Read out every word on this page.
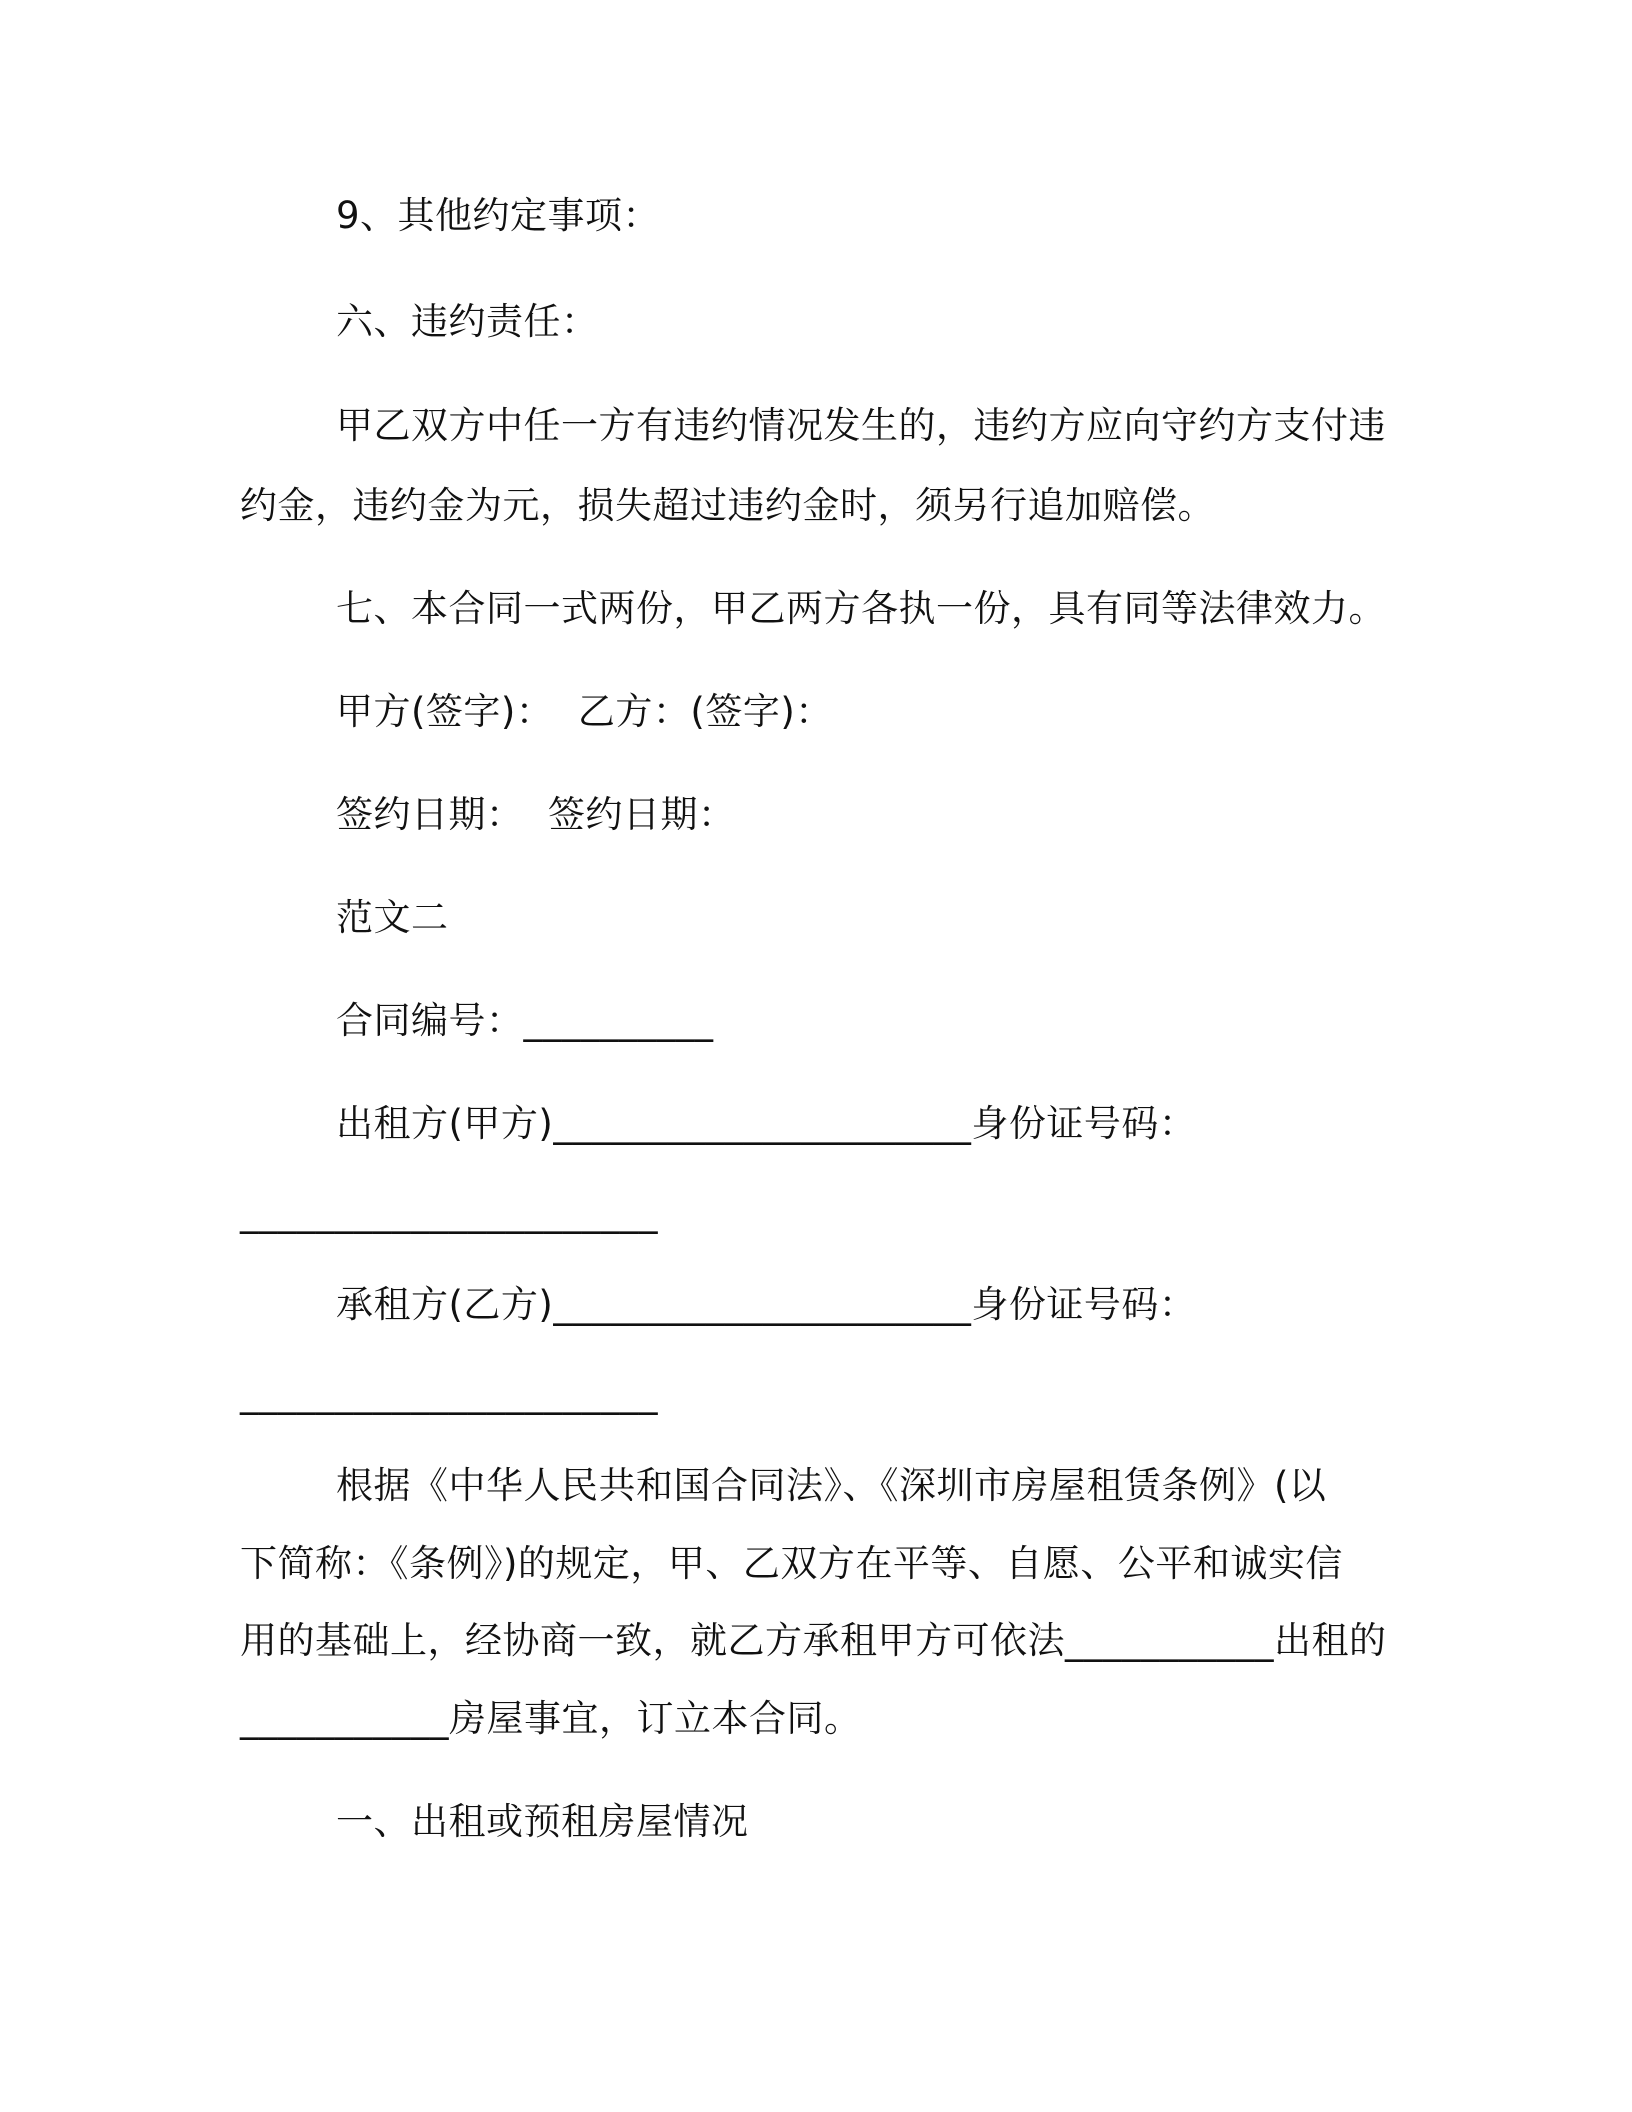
9、其他约定事项：
六、违约责任：
甲乙双方中任一方有违约情况发生的，违约方应向守约方支付违
约金，违约金为元，损失超过违约金时，须另行追加赔偿。
七、本合同一式两份，甲乙两方各执一份，具有同等法律效力。
甲方(签字)：  乙方：(签字)：
签约日期：  签约日期：
范文二
合同编号：__________
出租方(甲方)______________________身份证号码：
______________________
承租方(乙方)______________________身份证号码：
______________________
根据《中华人民共和国合同法》、《深圳市房屋租赁条例》(以
下简称：《条例》)的规定，甲、乙双方在平等、自愿、公平和诚实信
用的基础上，经协商一致，就乙方承租甲方可依法___________出租的
___________房屋事宜，订立本合同。
一、出租或预租房屋情况
